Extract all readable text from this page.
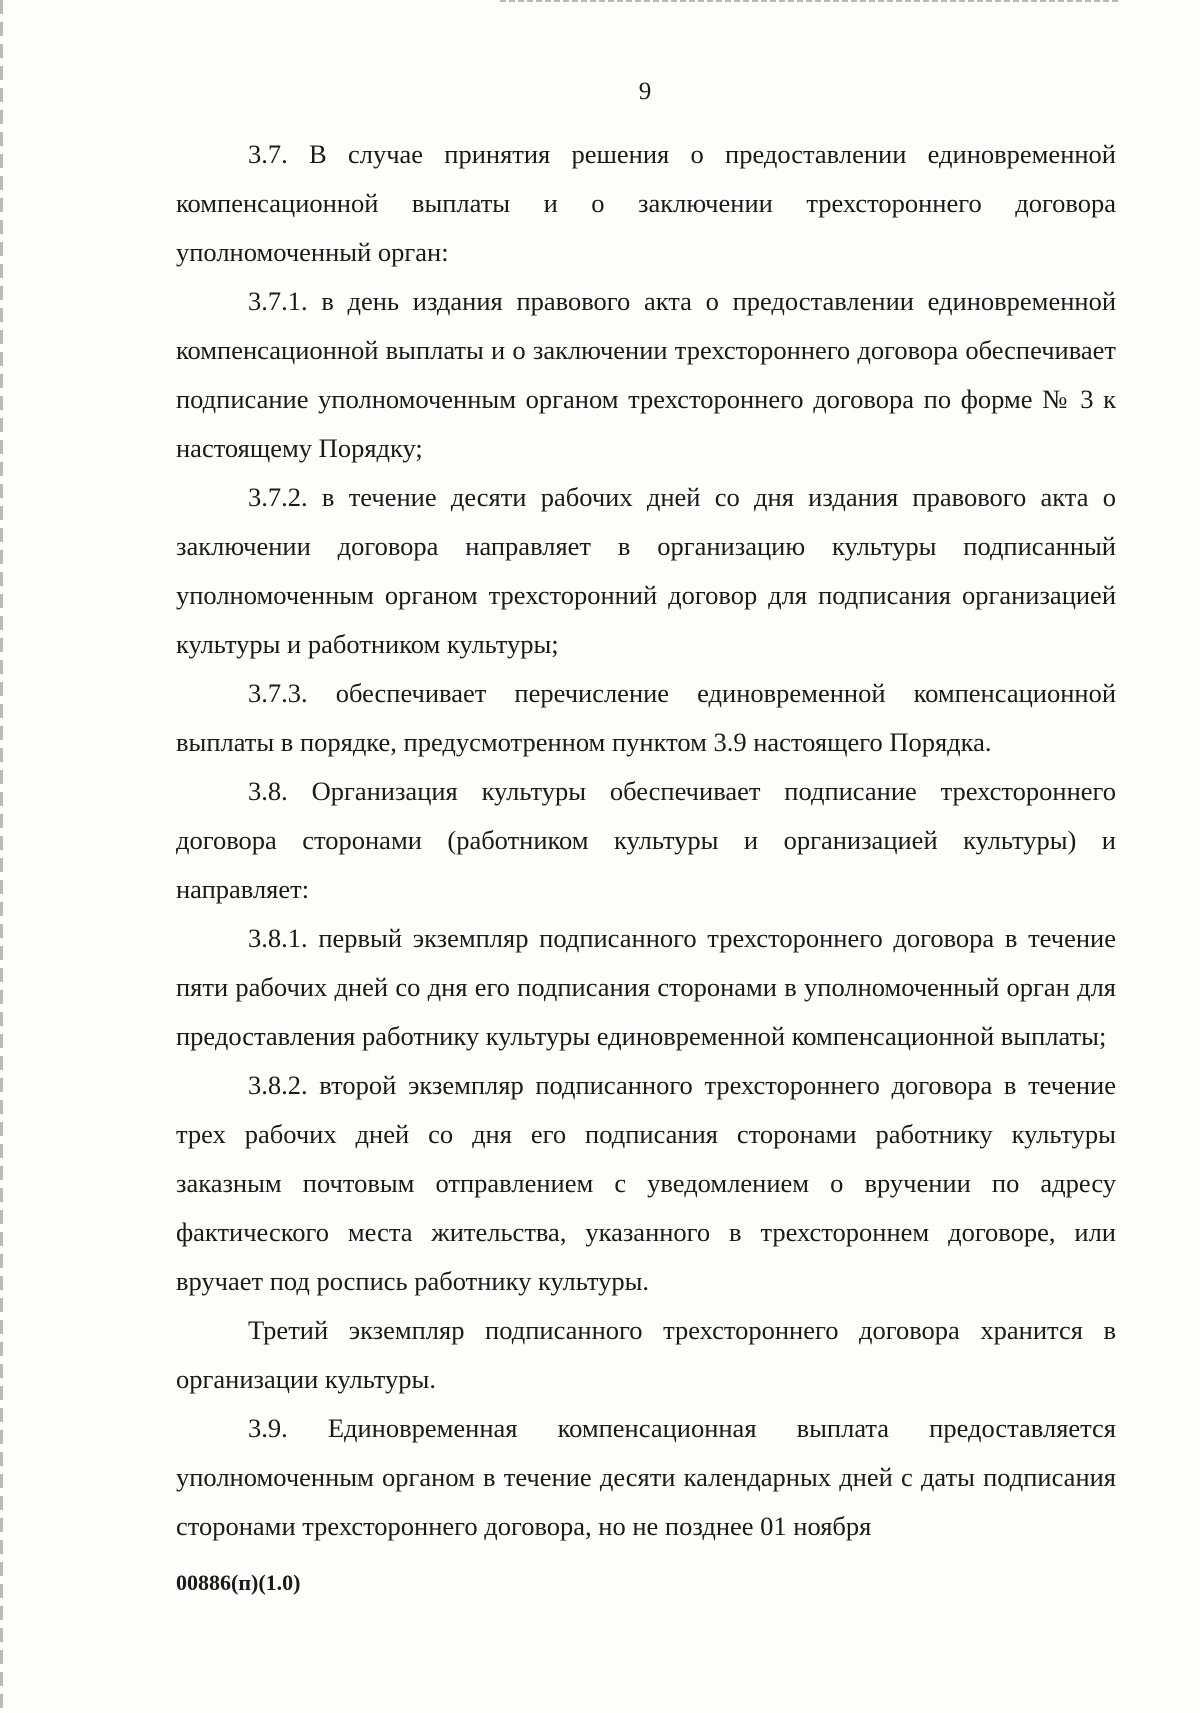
9

3.7. В случае принятия решения о предоставлении единовременной компенсационной выплаты и о заключении трехстороннего договора уполномоченный орган:

3.7.1. в день издания правового акта о предоставлении единовременной компенсационной выплаты и о заключении трехстороннего договора обеспечивает подписание уполномоченным органом трехстороннего договора по форме № 3 к настоящему Порядку;

3.7.2. в течение десяти рабочих дней со дня издания правового акта о заключении договора направляет в организацию культуры подписанный уполномоченным органом трехсторонний договор для подписания организацией культуры и работником культуры;

3.7.3. обеспечивает перечисление единовременной компенсационной выплаты в порядке, предусмотренном пунктом 3.9 настоящего Порядка.

3.8. Организация культуры обеспечивает подписание трехстороннего договора сторонами (работником культуры и организацией культуры) и направляет:

3.8.1. первый экземпляр подписанного трехстороннего договора в течение пяти рабочих дней со дня его подписания сторонами в уполномоченный орган для предоставления работнику культуры единовременной компенсационной выплаты;

3.8.2. второй экземпляр подписанного трехстороннего договора в течение трех рабочих дней со дня его подписания сторонами работнику культуры заказным почтовым отправлением с уведомлением о вручении по адресу фактического места жительства, указанного в трехстороннем договоре, или вручает под роспись работнику культуры.

Третий экземпляр подписанного трехстороннего договора хранится в организации культуры.

3.9. Единовременная компенсационная выплата предоставляется уполномоченным органом в течение десяти календарных дней с даты подписания сторонами трехстороннего договора, но не позднее 01 ноября

00886(п)(1.0)
